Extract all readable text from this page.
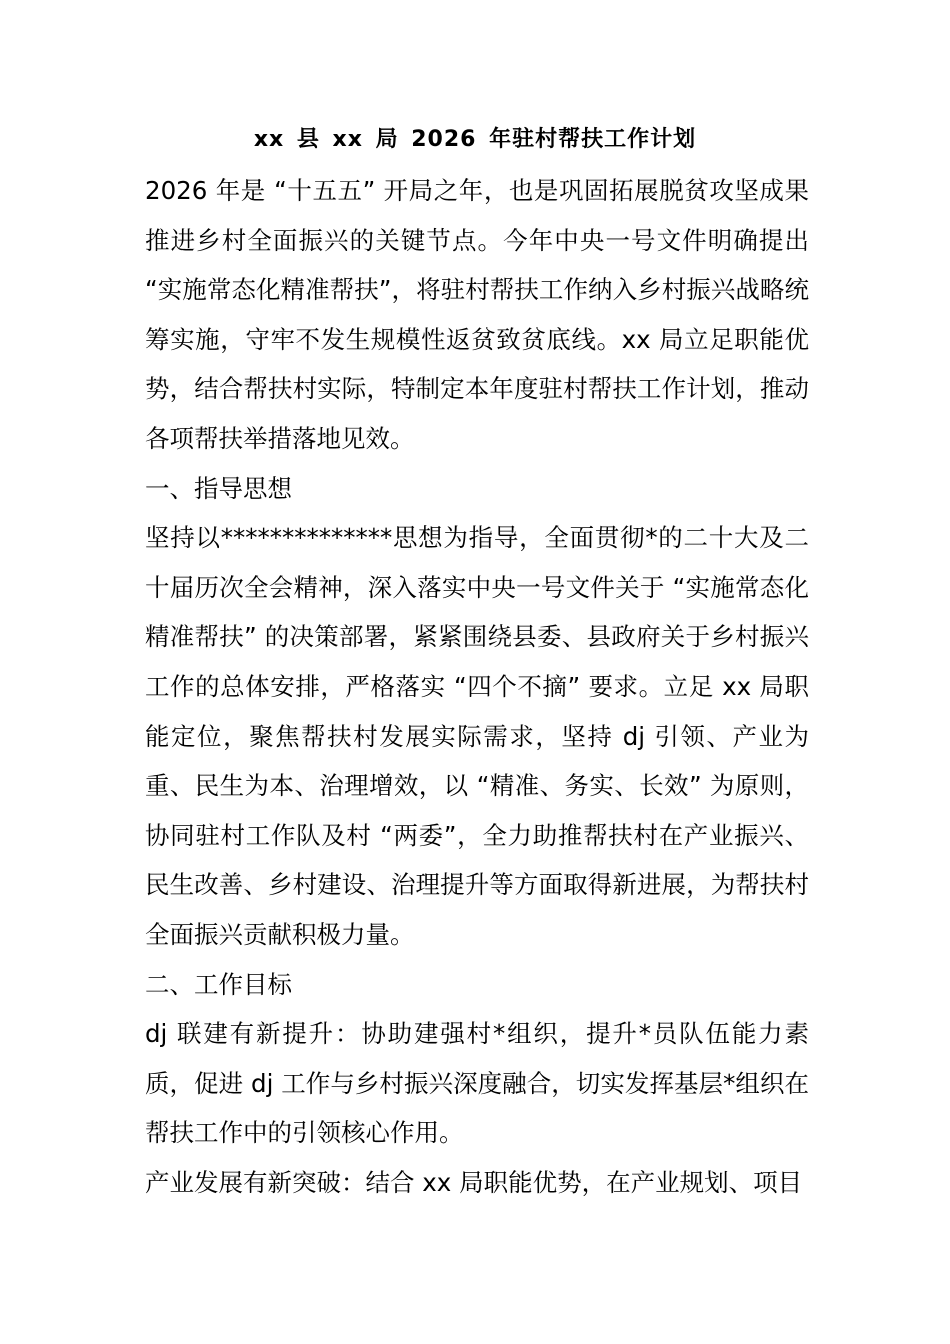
xx 县 xx 局 2026 年驻村帮扶工作计划

2026 年是 “十五五” 开局之年，也是巩固拓展脱贫攻坚成果推进乡村全面振兴的关键节点。今年中央一号文件明确提出 “实施常态化精准帮扶”，将驻村帮扶工作纳入乡村振兴战略统筹实施，守牢不发生规模性返贫致贫底线。xx 局立足职能优势，结合帮扶村实际，特制定本年度驻村帮扶工作计划，推动各项帮扶举措落地见效。

一、指导思想

坚持以**************思想为指导，全面贯彻*的二十大及二十届历次全会精神，深入落实中央一号文件关于 “实施常态化精准帮扶” 的决策部署，紧紧围绕县委、县政府关于乡村振兴工作的总体安排，严格落实 “四个不摘” 要求。立足 xx 局职能定位，聚焦帮扶村发展实际需求，坚持 dj 引领、产业为重、民生为本、治理增效，以 “精准、务实、长效” 为原则，协同驻村工作队及村 “两委”，全力助推帮扶村在产业振兴、民生改善、乡村建设、治理提升等方面取得新进展，为帮扶村全面振兴贡献积极力量。

二、工作目标

dj 联建有新提升：协助建强村*组织，提升*员队伍能力素质，促进 dj 工作与乡村振兴深度融合，切实发挥基层*组织在帮扶工作中的引领核心作用。

产业发展有新突破：结合 xx 局职能优势，在产业规划、项目
